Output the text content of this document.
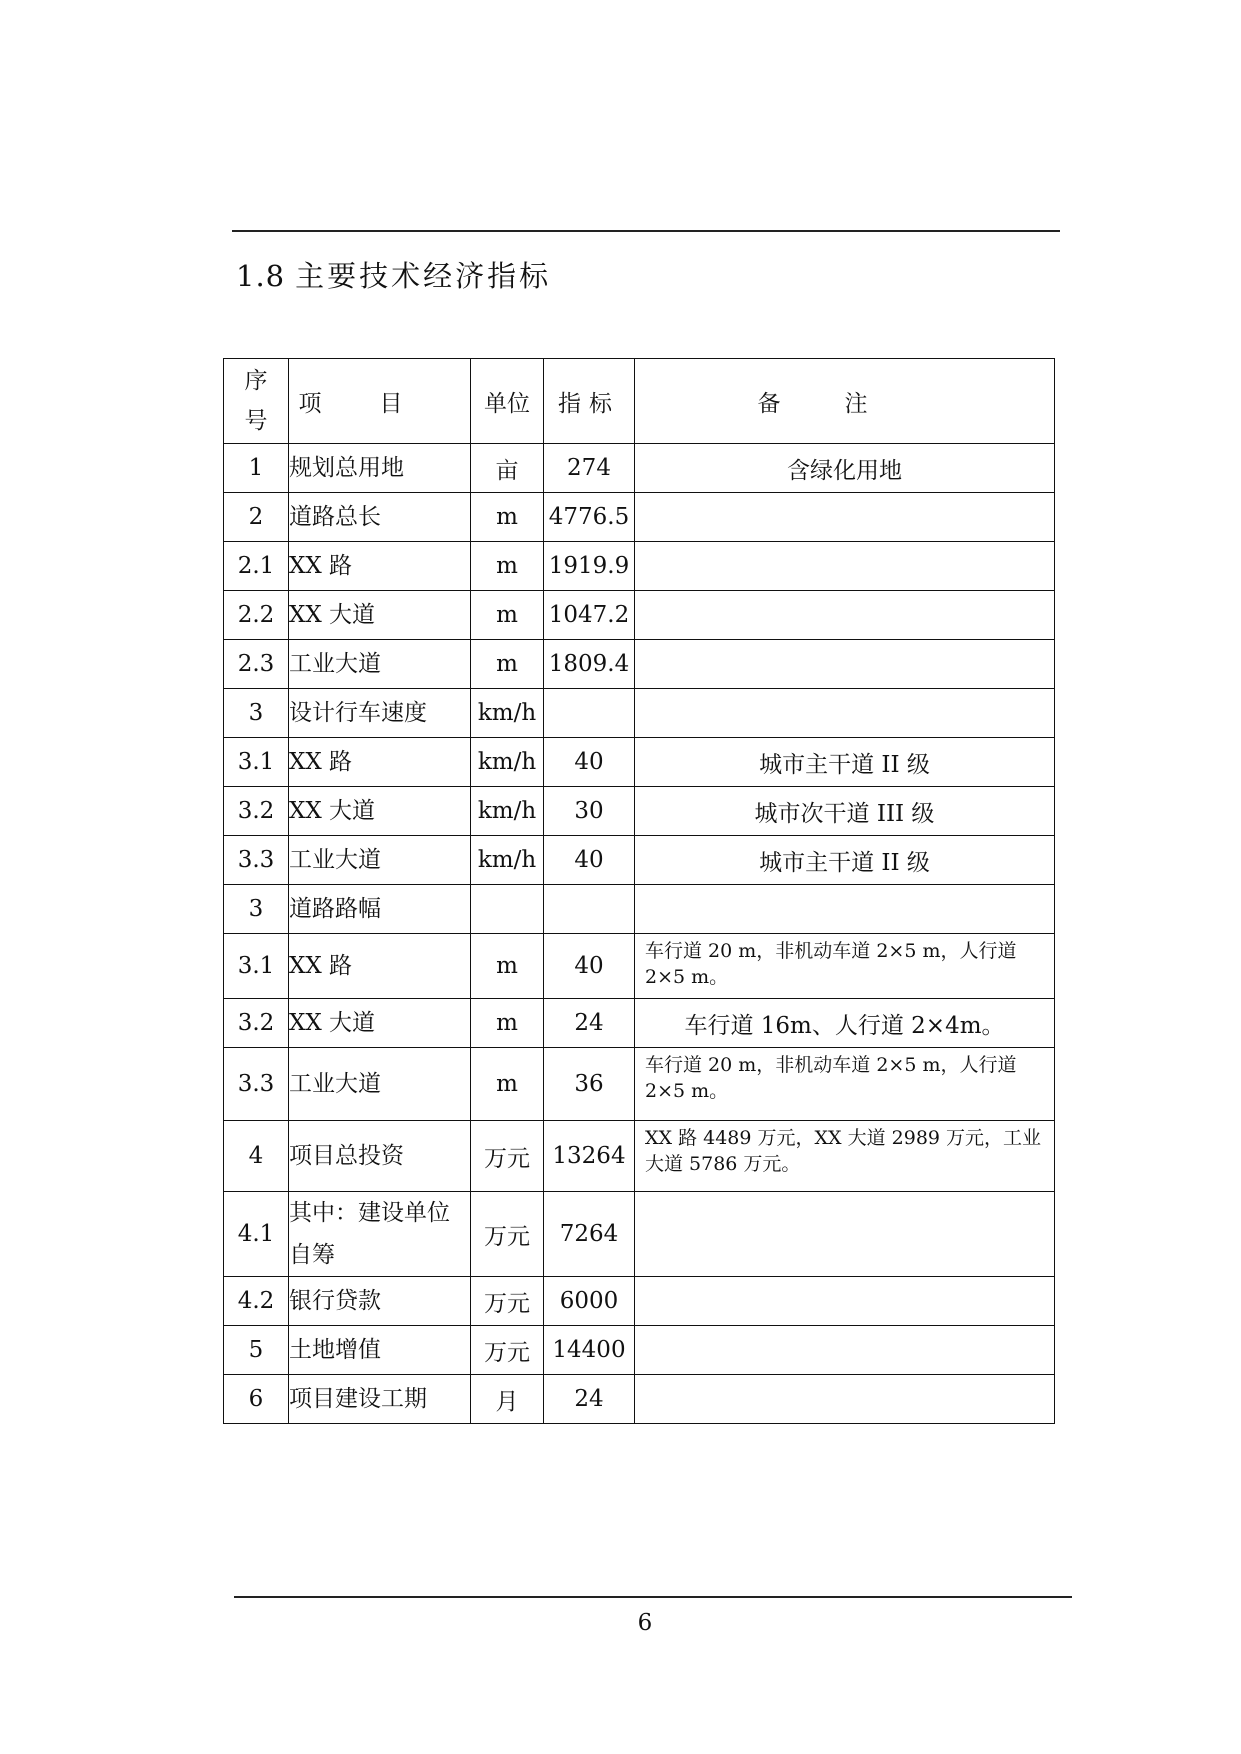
1.8 主要技术经济指标
序
号	项目	单位	指标	备注
1	规划总用地	亩	274	含绿化用地
2	道路总长	m	4776.5	
2.1	XX 路	m	1919.9	
2.2	XX 大道	m	1047.2	
2.3	工业大道	m	1809.4	
3	设计行车速度	km/h		
3.1	XX 路	km/h	40	城市主干道 II 级
3.2	XX 大道	km/h	30	城市次干道 III 级
3.3	工业大道	km/h	40	城市主干道 II 级
3	道路路幅			
3.1	XX 路	m	40	车行道 20 m，非机动车道 2×5 m，人行道 2×5 m。
3.2	XX 大道	m	24	车行道 16m、人行道 2×4m。
3.3	工业大道	m	36	车行道 20 m，非机动车道 2×5 m，人行道 2×5 m。
4	项目总投资	万元	13264	XX 路 4489 万元，XX 大道 2989 万元，工业大道 5786 万元。
4.1	其中：建设单位自筹	万元	7264	
4.2	银行贷款	万元	6000	
5	土地增值	万元	14400	
6	项目建设工期	月	24	
6
